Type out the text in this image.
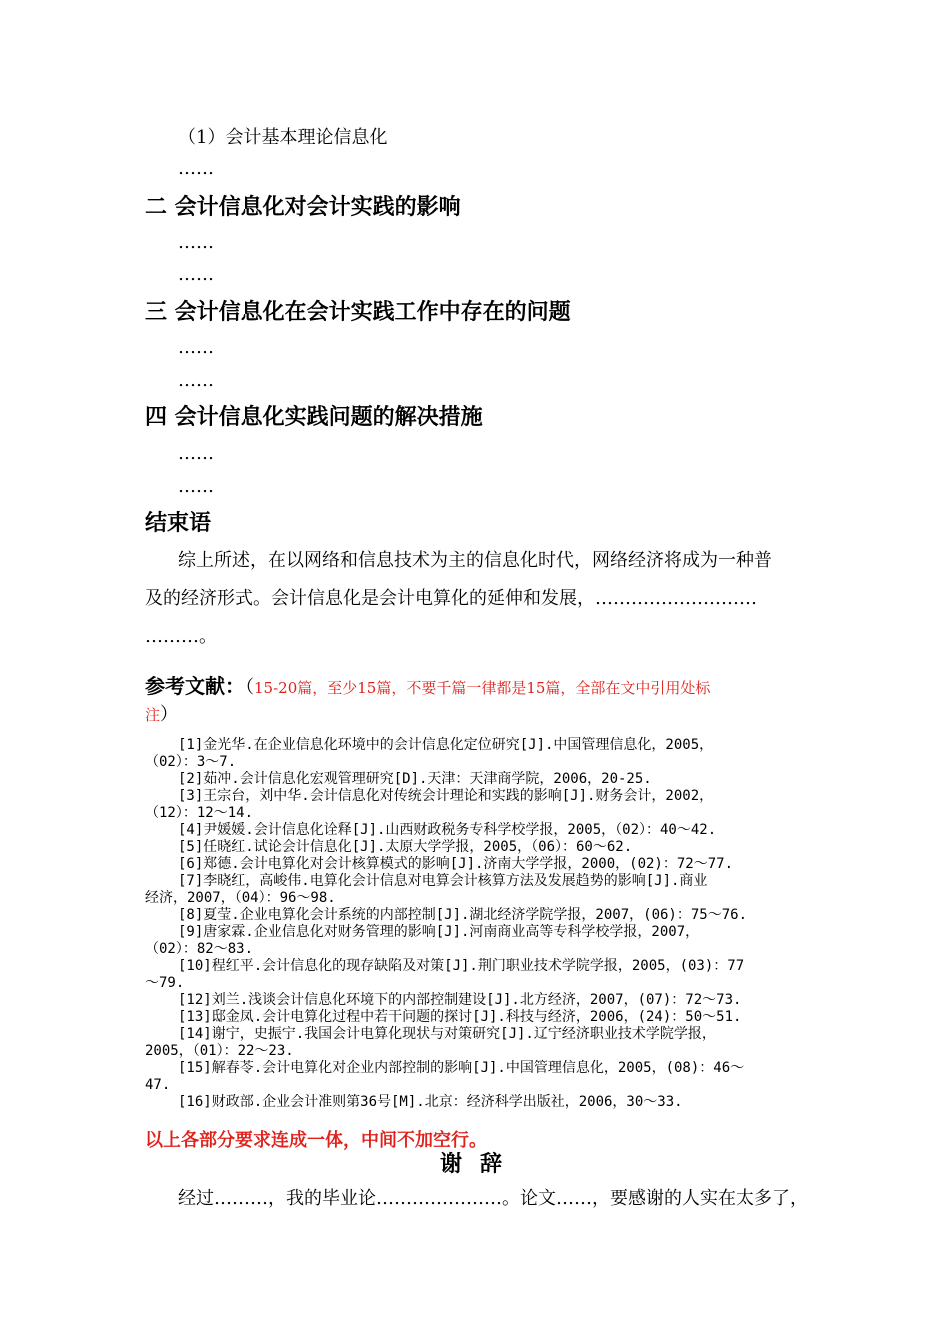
（1）会计基本理论信息化
……
二 会计信息化对会计实践的影响
……
……
三 会计信息化在会计实践工作中存在的问题
……
……
四 会计信息化实践问题的解决措施
……
……
结束语
综上所述，在以网络和信息技术为主的信息化时代，网络经济将成为一种普
及的经济形式。会计信息化是会计电算化的延伸和发展，………………………
………。
参考文献：（15-20篇，至少15篇，不要千篇一律都是15篇，全部在文中引用处标
注）
[1]金光华.在企业信息化环境中的会计信息化定位研究[J].中国管理信息化，2005，
（02）：3～7.
[2]茹冲.会计信息化宏观管理研究[D].天津：天津商学院，2006，20-25.
[3]王宗台，刘中华.会计信息化对传统会计理论和实践的影响[J].财务会计，2002，
（12）：12～14.
[4]尹媛媛.会计信息化诠释[J].山西财政税务专科学校学报，2005，（02）：40～42.
[5]任晓红.试论会计信息化[J].太原大学学报，2005，（06）：60～62.
[6]郑德.会计电算化对会计核算模式的影响[J].济南大学学报，2000，(02)：72～77.
[7]李晓红，高峻伟.电算化会计信息对电算会计核算方法及发展趋势的影响[J].商业
经济，2007，（04）：96～98.
[8]夏莹.企业电算化会计系统的内部控制[J].湖北经济学院学报，2007，(06)：75～76.
[9]唐家霖.企业信息化对财务管理的影响[J].河南商业高等专科学校学报，2007，
（02）：82～83.
[10]程红平.会计信息化的现存缺陷及对策[J].荆门职业技术学院学报，2005，(03)：77
～79.
[12]刘兰.浅谈会计信息化环境下的内部控制建设[J].北方经济，2007，(07)：72～73.
[13]邸金凤.会计电算化过程中若干问题的探讨[J].科技与经济，2006，(24)：50～51.
[14]谢宁，史振宁.我国会计电算化现状与对策研究[J].辽宁经济职业技术学院学报，
2005，（01）：22～23.
[15]解春苓.会计电算化对企业内部控制的影响[J].中国管理信息化，2005，(08)：46～
47.
[16]财政部.企业会计准则第36号[M].北京：经济科学出版社，2006，30～33.
以上各部分要求连成一体，中间不加空行。
谢辞
经过………，我的毕业论…………………。论文……，要感谢的人实在太多了，
